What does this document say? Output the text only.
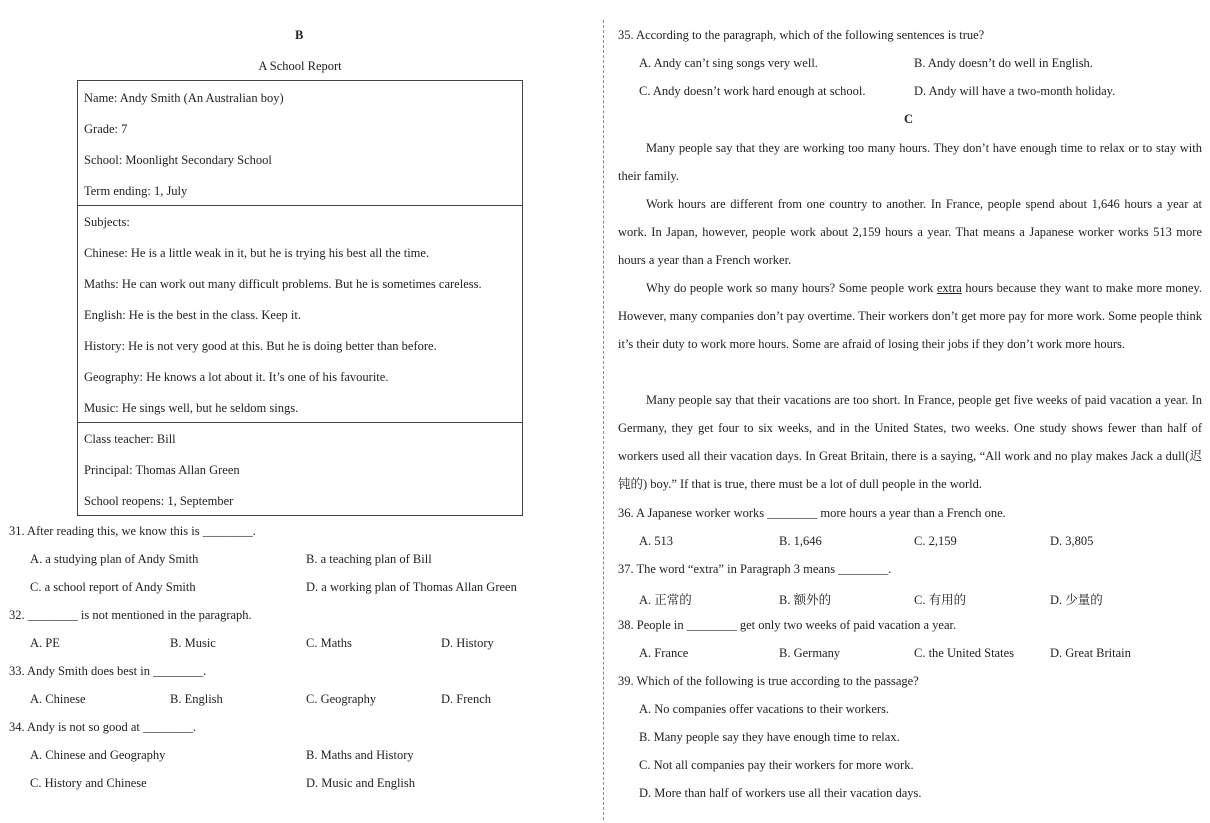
B
A School Report
Name: Andy Smith (An Australian boy)
Grade: 7
School: Moonlight Secondary School
Term ending: 1, July
Subjects:
Chinese: He is a little weak in it, but he is trying his best all the time.
Maths: He can work out many difficult problems. But he is sometimes careless.
English: He is the best in the class. Keep it.
History: He is not very good at this. But he is doing better than before.
Geography: He knows a lot about it. It’s one of his favourite.
Music: He sings well, but he seldom sings.
Class teacher: Bill
Principal: Thomas Allan Green
School reopens: 1, September
31. After reading this, we know this is ________.
A. a studying plan of Andy Smith	B. a teaching plan of Bill
C. a school report of Andy Smith	D. a working plan of Thomas Allan Green
32. ________ is not mentioned in the paragraph.
A. PE	B. Music	C. Maths	D. History
33. Andy Smith does best in ________.
A. Chinese	B. English	C. Geography	D. French
34. Andy is not so good at ________.
A. Chinese and Geography	B. Maths and History
C. History and Chinese	D. Music and English
35. According to the paragraph, which of the following sentences is true?
A. Andy can’t sing songs very well.	B. Andy doesn’t do well in English.
C. Andy doesn’t work hard enough at school.	D. Andy will have a two-month holiday.
C
Many people say that they are working too many hours. They don’t have enough time to relax or to stay with their family.
Work hours are different from one country to another. In France, people spend about 1,646 hours a year at work. In Japan, however, people work about 2,159 hours a year. That means a Japanese worker works 513 more hours a year than a French worker.
Why do people work so many hours? Some people work extra hours because they want to make more money. However, many companies don’t pay overtime. Their workers don’t get more pay for more work. Some people think it’s their duty to work more hours. Some are afraid of losing their jobs if they don’t work more hours.
Many people say that their vacations are too short. In France, people get five weeks of paid vacation a year. In Germany, they get four to six weeks, and in the United States, two weeks. One study shows fewer than half of workers used all their vacation days. In Great Britain, there is a saying, “All work and no play makes Jack a dull(迟钝的) boy.” If that is true, there must be a lot of dull people in the world.
36. A Japanese worker works ________ more hours a year than a French one.
A. 513	B. 1,646	C. 2,159	D. 3,805
37. The word “extra” in Paragraph 3 means ________.
A. 正常的	B. 额外的	C. 有用的	D. 少量的
38. People in ________ get only two weeks of paid vacation a year.
A. France	B. Germany	C. the United States	D. Great Britain
39. Which of the following is true according to the passage?
A. No companies offer vacations to their workers.
B. Many people say they have enough time to relax.
C. Not all companies pay their workers for more work.
D. More than half of workers use all their vacation days.
